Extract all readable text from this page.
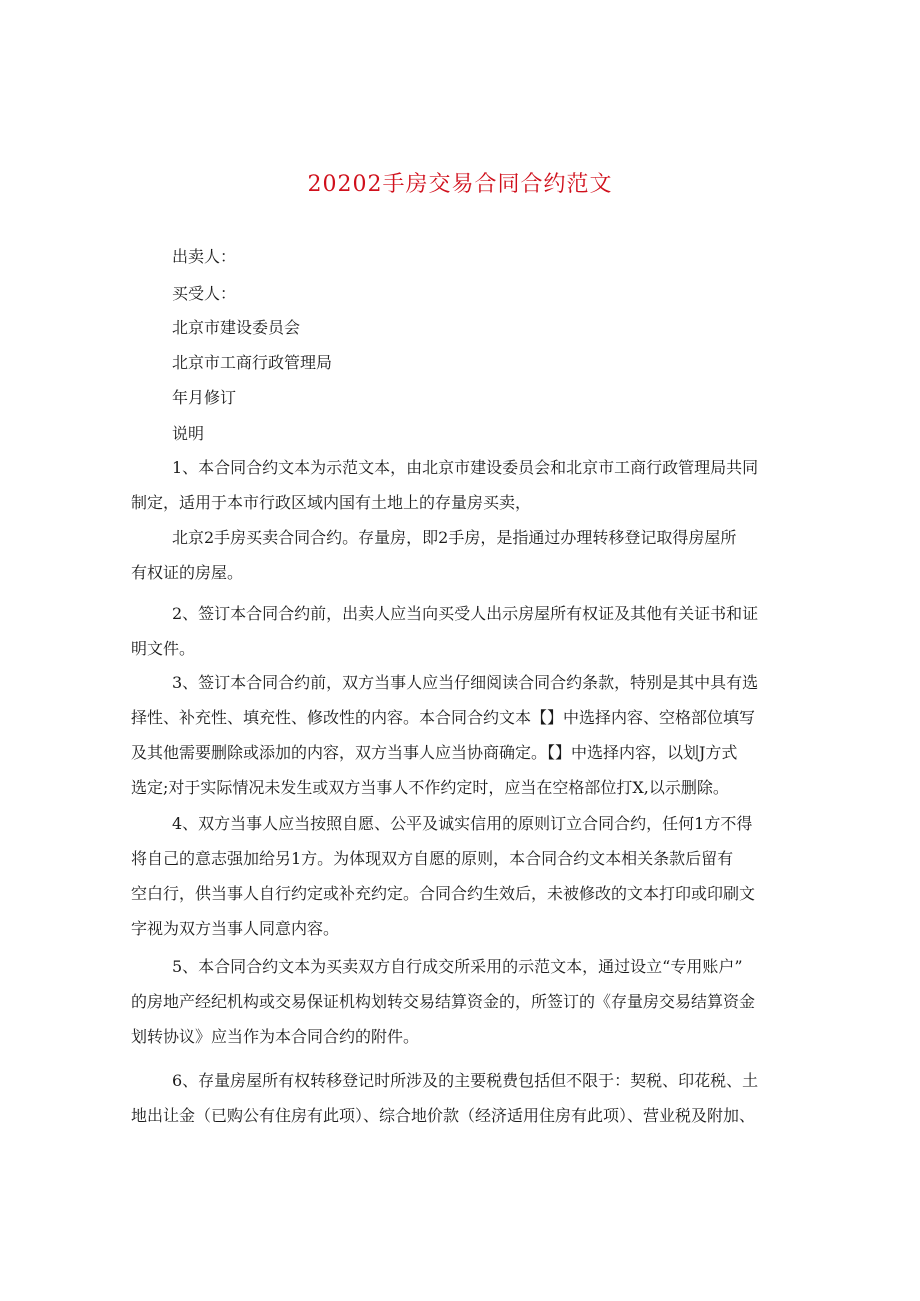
20202手房交易合同合约范文
出卖人：
买受人：
北京市建设委员会
北京市工商行政管理局
年月修订
说明
1、本合同合约文本为示范文本，由北京市建设委员会和北京市工商行政管理局共同
制定，适用于本市行政区域内国有土地上的存量房买卖，
北京2手房买卖合同合约。存量房，即2手房，是指通过办理转移登记取得房屋所
有权证的房屋。
2、签订本合同合约前，出卖人应当向买受人出示房屋所有权证及其他有关证书和证
明文件。
3、签订本合同合约前，双方当事人应当仔细阅读合同合约条款，特别是其中具有选
择性、补充性、填充性、修改性的内容。本合同合约文本【】中选择内容、空格部位填写
及其他需要删除或添加的内容，双方当事人应当协商确定。【】中选择内容，以划J方式
选定;对于实际情况未发生或双方当事人不作约定时，应当在空格部位打X,以示删除。
4、双方当事人应当按照自愿、公平及诚实信用的原则订立合同合约，任何1方不得
将自己的意志强加给另1方。为体现双方自愿的原则，本合同合约文本相关条款后留有
空白行，供当事人自行约定或补充约定。合同合约生效后，未被修改的文本打印或印刷文
字视为双方当事人同意内容。
5、本合同合约文本为买卖双方自行成交所采用的示范文本，通过设立“专用账户”
的房地产经纪机构或交易保证机构划转交易结算资金的，所签订的《存量房交易结算资金
划转协议》应当作为本合同合约的附件。
6、存量房屋所有权转移登记时所涉及的主要税费包括但不限于：契税、印花税、土
地出让金（已购公有住房有此项）、综合地价款（经济适用住房有此项）、营业税及附加、
